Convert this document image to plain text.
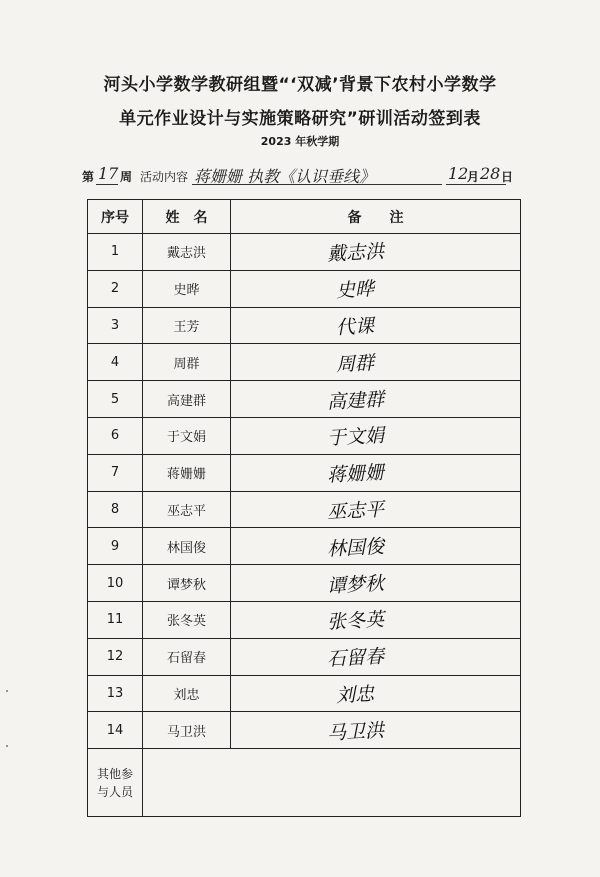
河头小学数学教研组暨“‘双减’背景下农村小学数学
单元作业设计与实施策略研究”研训活动签到表
2023 年秋学期
第 17 周 活动内容 蒋姗姗 执教《认识垂线》	12
月 28 日
序号	姓　名	备　　注
1	戴志洪	戴志洪
2	史晔	史晔
3	王芳	代课
4	周群	周群
5	高建群	高建群
6	于文娟	于文娟
7	蒋姗姗	蒋姗姗
8	巫志平	巫志平
9	林国俊	林国俊
10	谭梦秋	谭梦秋
11	张冬英	张冬英
12	石留春	石留春
13	刘忠	刘忠
14	马卫洪	马卫洪

其他参
与人员		
